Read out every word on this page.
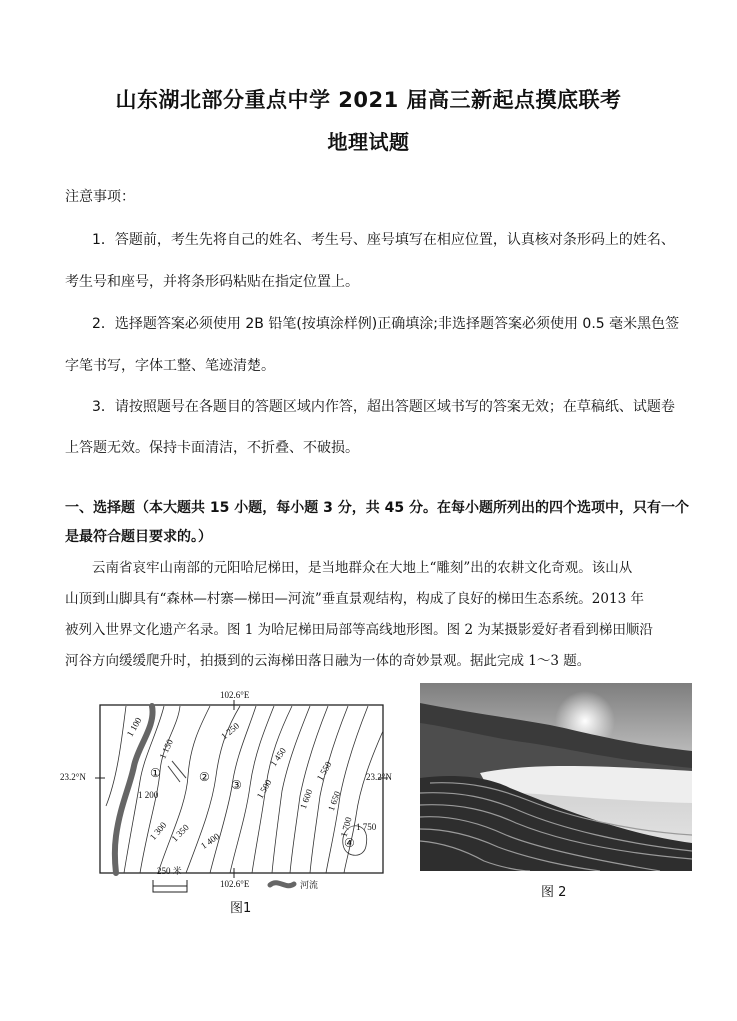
山东湖北部分重点中学 2021 届高三新起点摸底联考
地理试题
注意事项：
1．答题前，考生先将自己的姓名、考生号、座号填写在相应位置，认真核对条形码上的姓名、
考生号和座号，并将条形码粘贴在指定位置上。
2．选择题答案必须使用 2B 铅笔(按填涂样例)正确填涂;非选择题答案必须使用 0.5 毫米黑色签
字笔书写，字体工整、笔迹清楚。
3．请按照题号在各题目的答题区域内作答，超出答题区域书写的答案无效；在草稿纸、试题卷
上答题无效。保持卡面清洁，不折叠、不破损。
一、选择题（本大题共 15 小题，每小题 3 分，共 45 分。在每小题所列出的四个选项中，只有一个
是最符合题目要求的。）
云南省哀牢山南部的元阳哈尼梯田，是当地群众在大地上“雕刻”出的农耕文化奇观。该山从
山顶到山脚具有“森林—村寨—梯田—河流”垂直景观结构，构成了良好的梯田生态系统。2013 年
被列入世界文化遗产名录。图 1 为哈尼梯田局部等高线地形图。图 2 为某摄影爱好者看到梯田顺沿
河谷方向缓缓爬升时，拍摄到的云海梯田落日融为一体的奇妙景观。据此完成 1～3 题。
102.6°E
102.6°E
23.2°N	23.2°N
1 100
1 150
1 200
1 250
1 300 1 350 1 400
1 450
1 500
1 550
1 600 1 650
1 700 1 750
①	②
③
④
250 米
河流
图1
图 2
